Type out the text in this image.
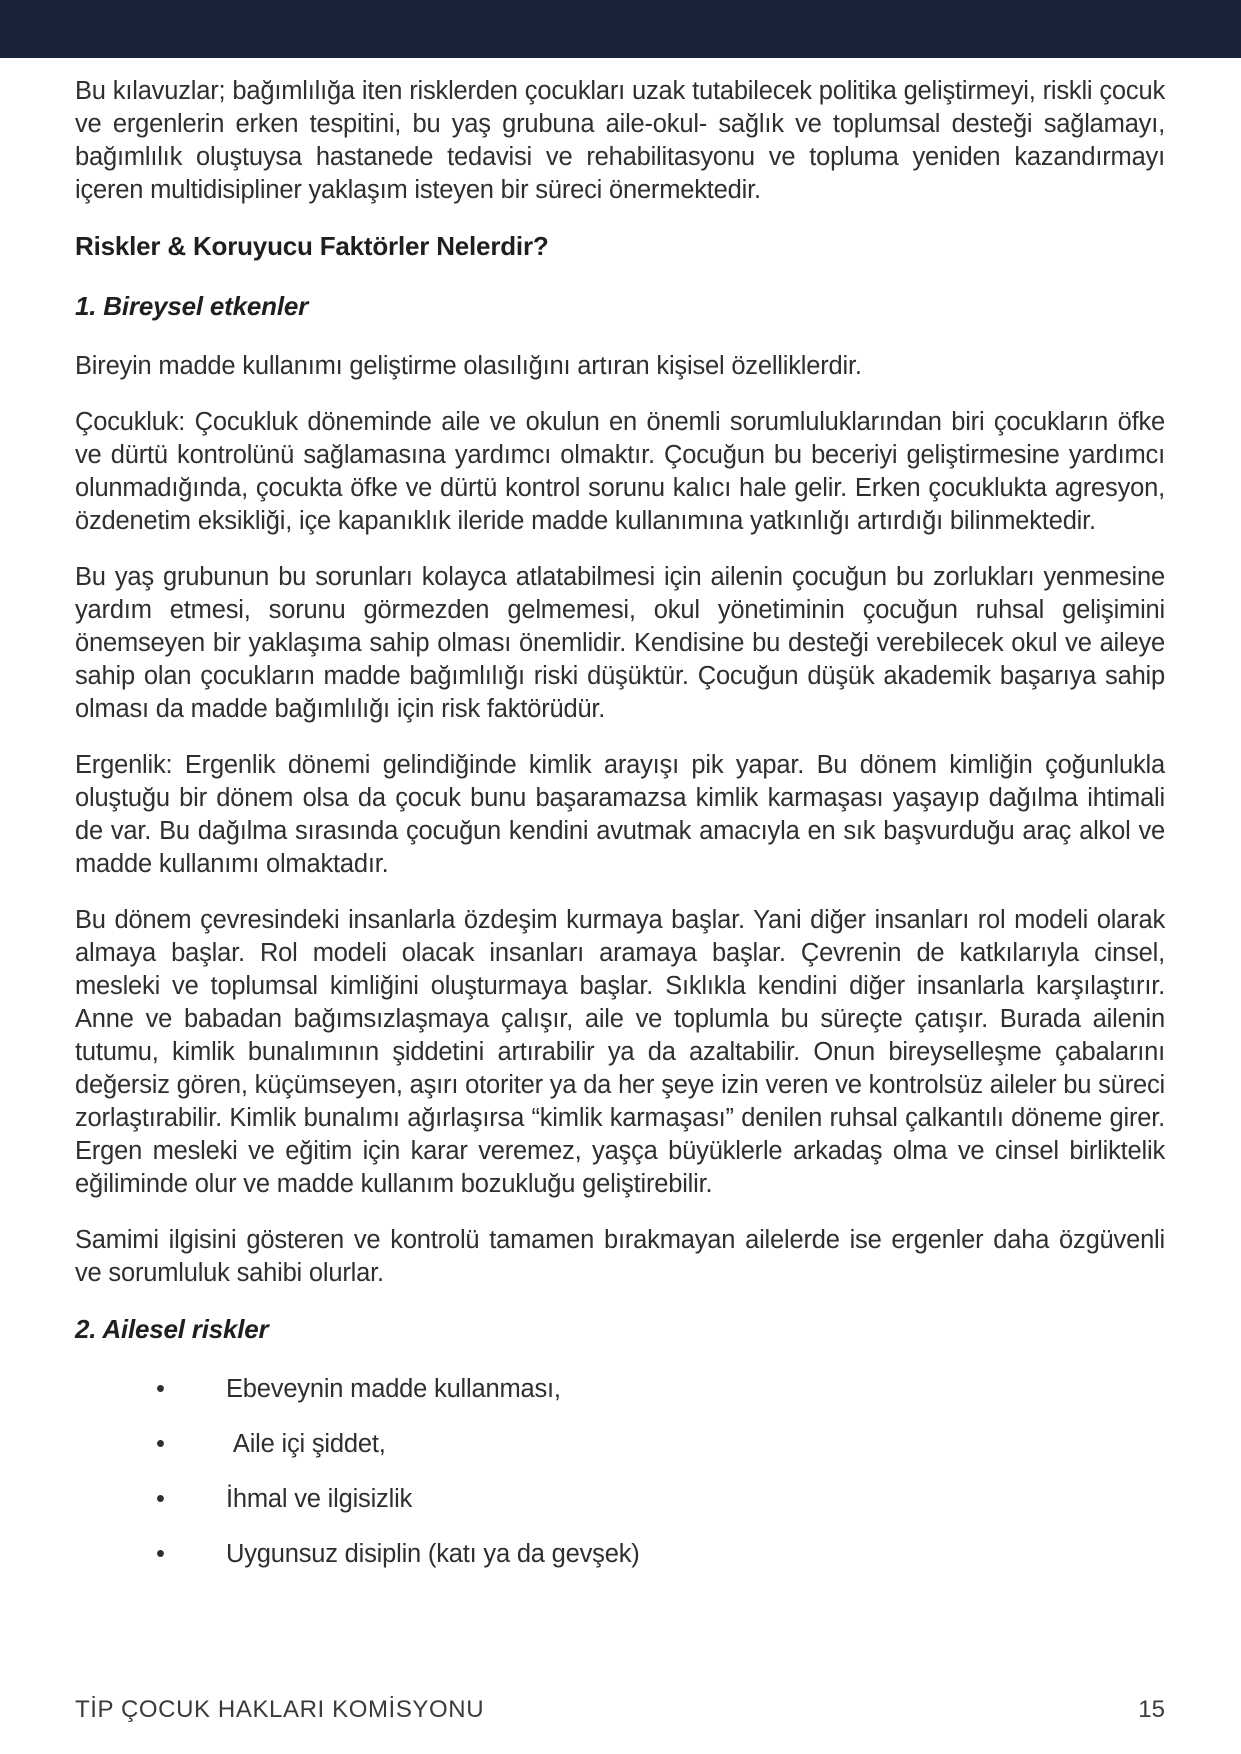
Bu kılavuzlar; bağımlılığa iten risklerden çocukları uzak tutabilecek politika geliştirmeyi, riskli çocuk ve ergenlerin erken tespitini, bu yaş grubuna aile-okul- sağlık ve toplumsal desteği sağlamayı, bağımlılık oluştuysa hastanede tedavisi ve rehabilitasyonu ve topluma yeniden kazandırmayı içeren multidisipliner yaklaşım isteyen bir süreci önermektedir.

Riskler & Koruyucu Faktörler Nelerdir?
1. Bireysel etkenler

Bireyin madde kullanımı geliştirme olasılığını artıran kişisel özelliklerdir.

Çocukluk: Çocukluk döneminde aile ve okulun en önemli sorumluluklarından biri çocukların öfke ve dürtü kontrolünü sağlamasına yardımcı olmaktır. Çocuğun bu beceriyi geliştirmesine yardımcı olunmadığında, çocukta öfke ve dürtü kontrol sorunu kalıcı hale gelir. Erken çocuklukta agresyon, özdenetim eksikliği, içe kapanıklık ileride madde kullanımına yatkınlığı artırdığı bilinmektedir.

Bu yaş grubunun bu sorunları kolayca atlatabilmesi için ailenin çocuğun bu zorlukları yenmesine yardım etmesi, sorunu görmezden gelmemesi, okul yönetiminin çocuğun ruhsal gelişimini önemseyen bir yaklaşıma sahip olması önemlidir. Kendisine bu desteği verebilecek okul ve aileye sahip olan çocukların madde bağımlılığı riski düşüktür. Çocuğun düşük akademik başarıya sahip olması da madde bağımlılığı için risk faktörüdür.

Ergenlik: Ergenlik dönemi gelindiğinde kimlik arayışı pik yapar. Bu dönem kimliğin çoğunlukla oluştuğu bir dönem olsa da çocuk bunu başaramazsa kimlik karmaşası yaşayıp dağılma ihtimali de var. Bu dağılma sırasında çocuğun kendini avutmak amacıyla en sık başvurduğu araç alkol ve madde kullanımı olmaktadır.

Bu dönem çevresindeki insanlarla özdeşim kurmaya başlar. Yani diğer insanları rol modeli olarak almaya başlar. Rol modeli olacak insanları aramaya başlar. Çevrenin de katkılarıyla cinsel, mesleki ve toplumsal kimliğini oluşturmaya başlar. Sıklıkla kendini diğer insanlarla karşılaştırır. Anne ve babadan bağımsızlaşmaya çalışır, aile ve toplumla bu süreçte çatışır. Burada ailenin tutumu, kimlik bunalımının şiddetini artırabilir ya da azaltabilir. Onun bireyselleşme çabalarını değersiz gören, küçümseyen, aşırı otoriter ya da her şeye izin veren ve kontrolsüz aileler bu süreci zorlaştırabilir. Kimlik bunalımı ağırlaşırsa “kimlik karmaşası” denilen ruhsal çalkantılı döneme girer. Ergen mesleki ve eğitim için karar veremez, yaşça büyüklerle arkadaş olma ve cinsel birliktelik eğiliminde olur ve madde kullanım bozukluğu geliştirebilir.

Samimi ilgisini gösteren ve kontrolü tamamen bırakmayan ailelerde ise ergenler daha özgüvenli ve sorumluluk sahibi olurlar.

2. Ailesel riskler
•	Ebeveynin madde kullanması,
•	Aile içi şiddet,
•	İhmal ve ilgisizlik
•	Uygunsuz disiplin (katı ya da gevşek)
TİP ÇOCUK HAKLARI KOMİSYONU	15
